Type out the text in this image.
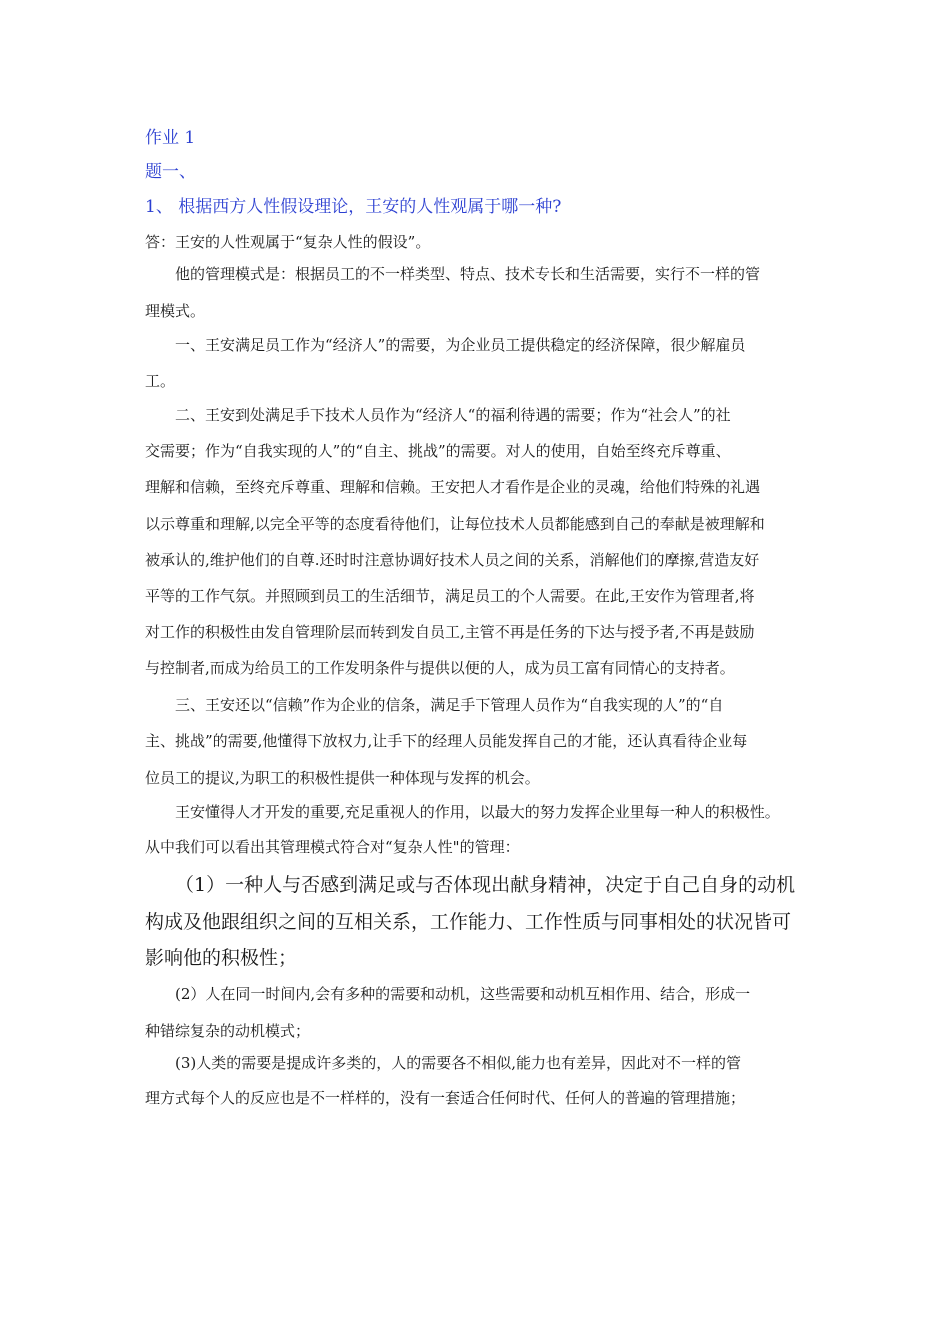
作业 1
题一、
1、 根据西方人性假设理论，王安的人性观属于哪一种?
答：王安的人性观属于“复杂人性的假设”。
他的管理模式是：根据员工的不一样类型、特点、技术专长和生活需要，实行不一样的管
理模式。
一、王安满足员工作为“经济人”的需要，为企业员工提供稳定的经济保障，很少解雇员
工。
二、王安到处满足手下技术人员作为“经济人“的福利待遇的需要；作为“社会人”的社
交需要；作为“自我实现的人”的“自主、挑战”的需要。对人的使用，自始至终充斥尊重、
理解和信赖，至终充斥尊重、理解和信赖。王安把人才看作是企业的灵魂，给他们特殊的礼遇
以示尊重和理解,以完全平等的态度看待他们，让每位技术人员都能感到自己的奉献是被理解和
被承认的,维护他们的自尊.还时时注意协调好技术人员之间的关系，消解他们的摩擦,营造友好
平等的工作气氛。并照顾到员工的生活细节，满足员工的个人需要。在此,王安作为管理者,将
对工作的积极性由发自管理阶层而转到发自员工,主管不再是任务的下达与授予者,不再是鼓励
与控制者,而成为给员工的工作发明条件与提供以便的人，成为员工富有同情心的支持者。
三、王安还以“信赖”作为企业的信条，满足手下管理人员作为“自我实现的人”的“自
主、挑战”的需要,他懂得下放权力,让手下的经理人员能发挥自己的才能，还认真看待企业每
位员工的提议,为职工的积极性提供一种体现与发挥的机会。
王安懂得人才开发的重要,充足重视人的作用，以最大的努力发挥企业里每一种人的积极性。
从中我们可以看出其管理模式符合对“复杂人性"的管理：
（1）一种人与否感到满足或与否体现出献身精神，决定于自己自身的动机
构成及他跟组织之间的互相关系，工作能力、工作性质与同事相处的状况皆可
影响他的积极性；
(2）人在同一时间内,会有多种的需要和动机，这些需要和动机互相作用、结合，形成一
种错综复杂的动机模式；
(3)人类的需要是提成许多类的，人的需要各不相似,能力也有差异，因此对不一样的管
理方式每个人的反应也是不一样样的，没有一套适合任何时代、任何人的普遍的管理措施；
